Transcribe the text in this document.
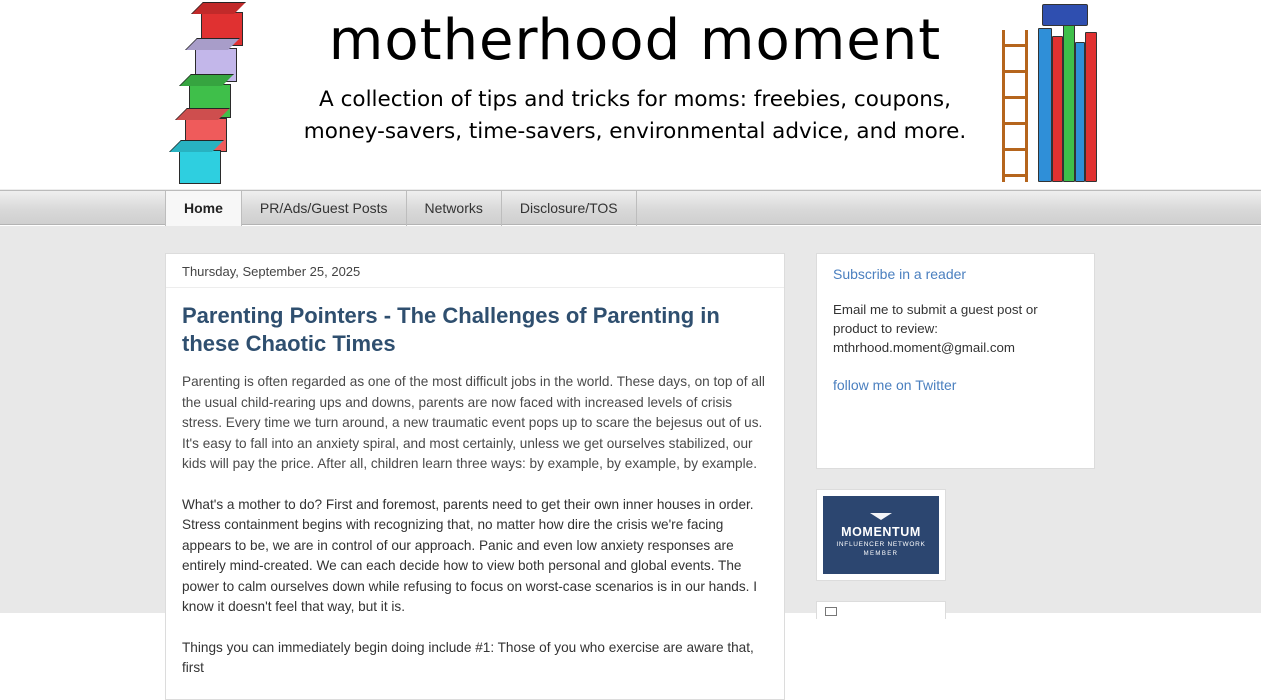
motherhood moment
A collection of tips and tricks for moms: freebies, coupons,
money-savers, time-savers, environmental advice, and more.
Home	PR/Ads/Guest Posts	Networks	Disclosure/TOS
Thursday, September 25, 2025
Parenting Pointers - The Challenges of Parenting in these Chaotic Times

Parenting is often regarded as one of the most difficult jobs in the world. These days, on top of all the usual child-rearing ups and downs, parents are now faced with increased levels of crisis stress. Every time we turn around, a new traumatic event pops up to scare the bejesus out of us. It's easy to fall into an anxiety spiral, and most certainly, unless we get ourselves stabilized, our kids will pay the price. After all, children learn three ways: by example, by example, by example.

What's a mother to do? First and foremost, parents need to get their own inner houses in order. Stress containment begins with recognizing that, no matter how dire the crisis we're facing appears to be, we are in control of our approach. Panic and even low anxiety responses are entirely mind-created. We can each decide how to view both personal and global events. The power to calm ourselves down while refusing to focus on worst-case scenarios is in our hands. I know it doesn't feel that way, but it is.

Things you can immediately begin doing include #1: Those of you who exercise are aware that, first

Subscribe in a reader
Email me to submit a guest post or product to review: mthrhood.moment@gmail.com
follow me on Twitter
MOMENTUM
INFLUENCER NETWORK
MEMBER
